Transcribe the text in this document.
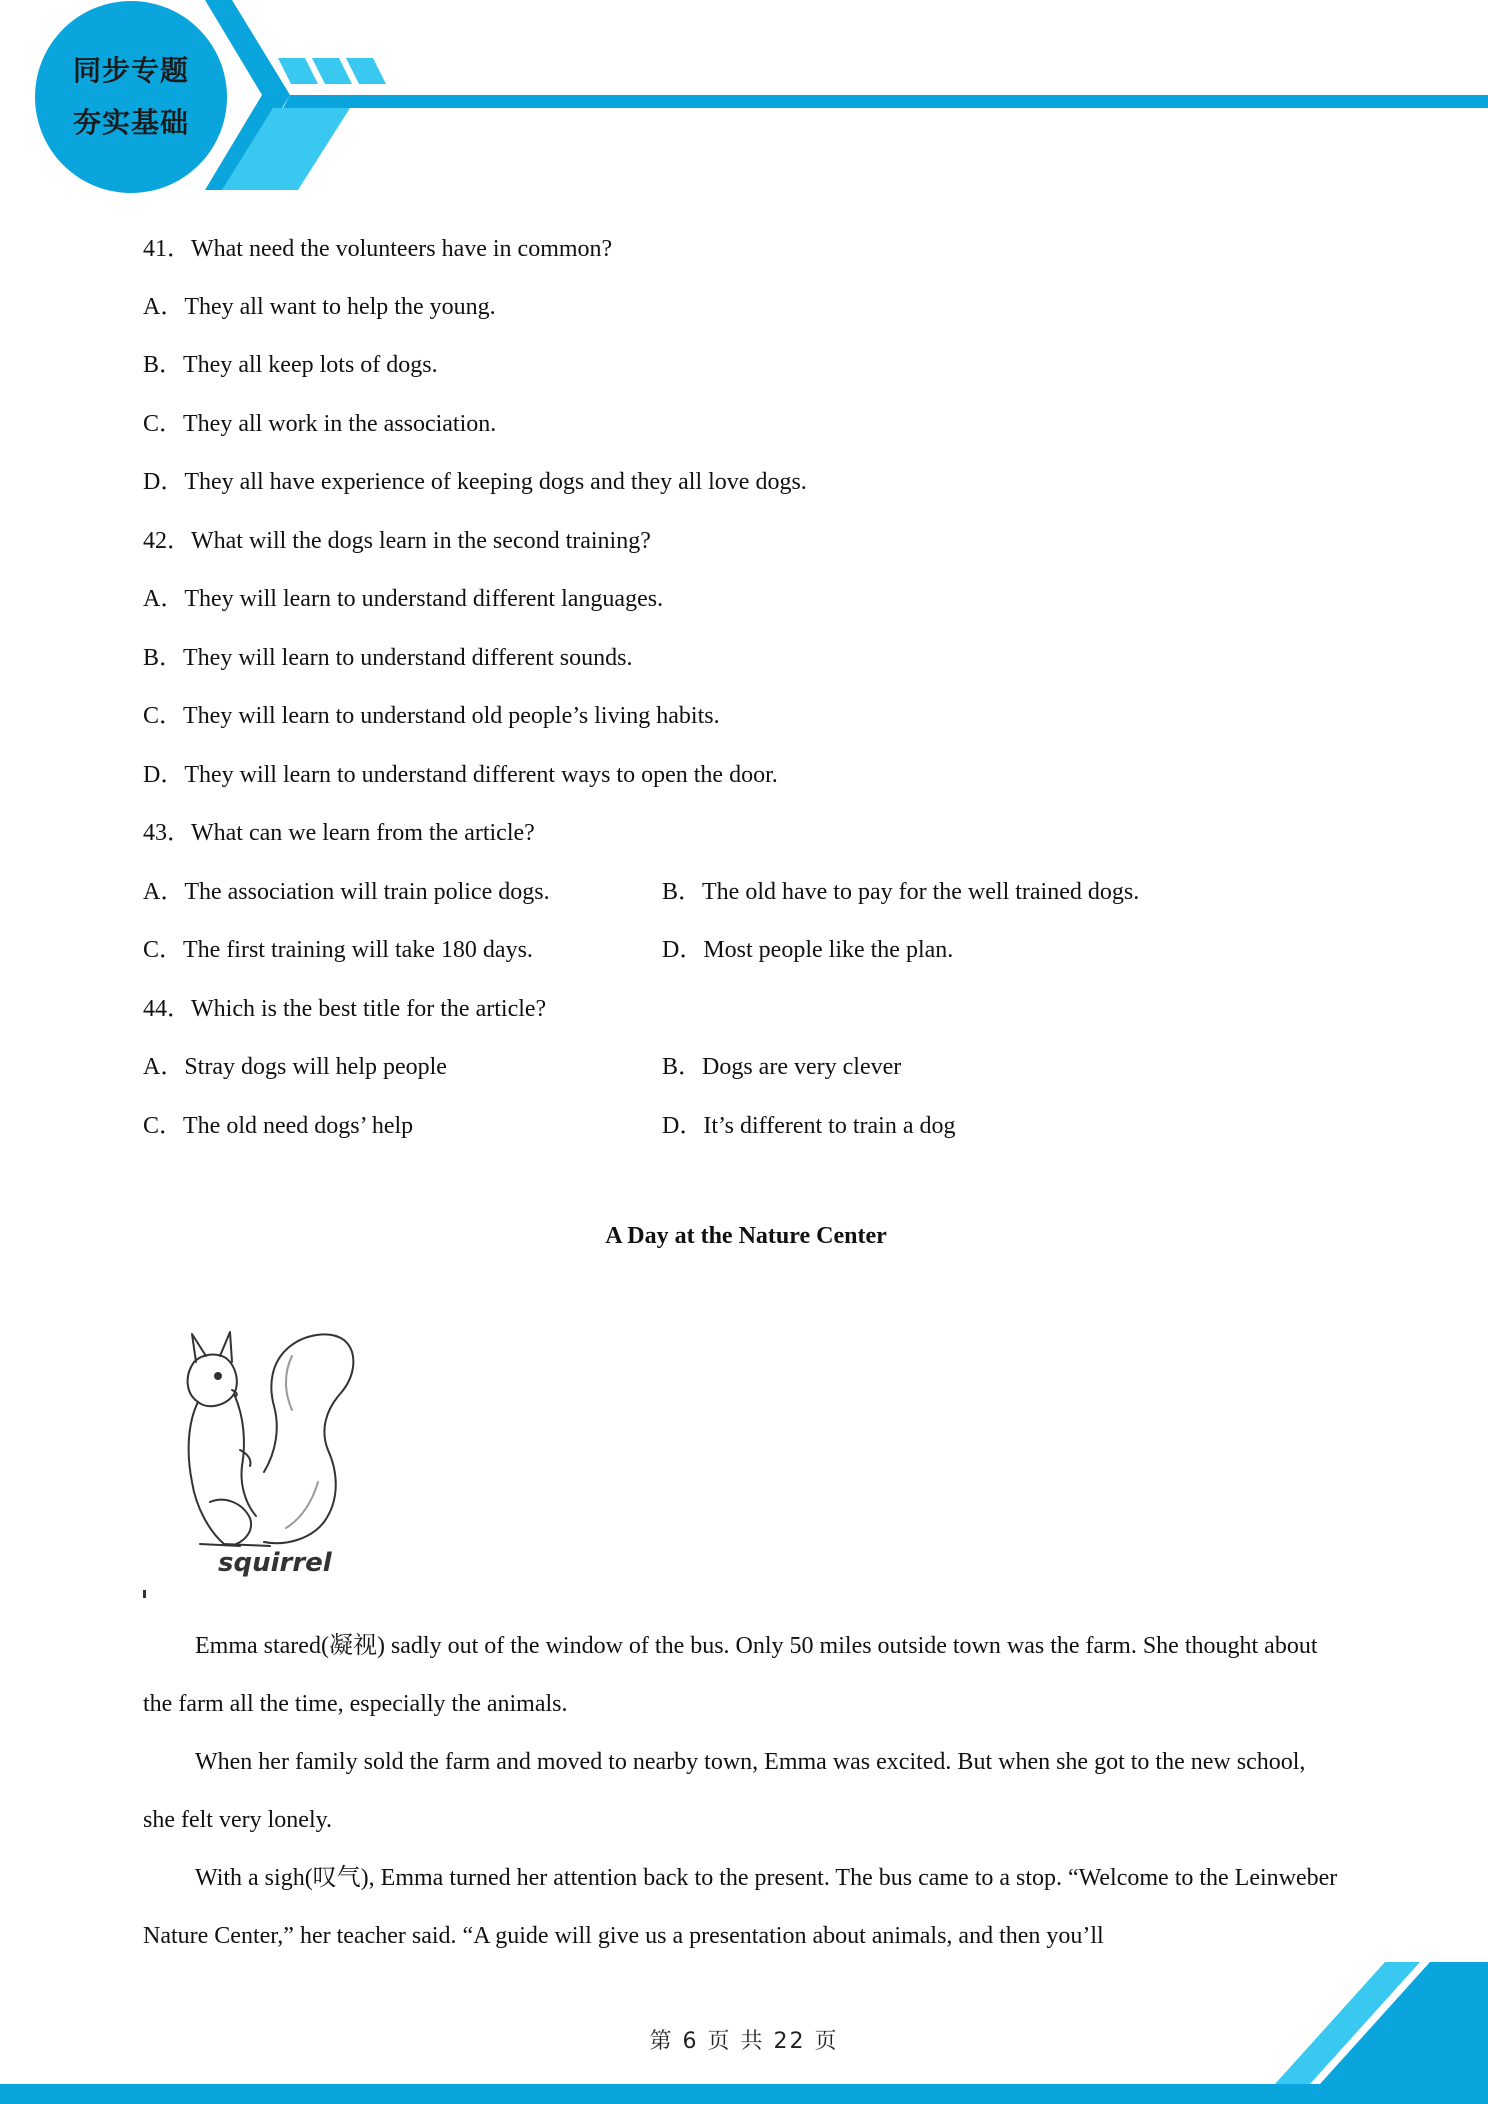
同步专题
夯实基础
41．What need the volunteers have in common?
A．They all want to help the young.
B．They all keep lots of dogs.
C．They all work in the association.
D．They all have experience of keeping dogs and they all love dogs.
42．What will the dogs learn in the second training?
A．They will learn to understand different languages.
B．They will learn to understand different sounds.
C．They will learn to understand old people’s living habits.
D．They will learn to understand different ways to open the door.
43．What can we learn from the article?
A．The association will train police dogs.	B．The old have to pay for the well trained dogs.
C．The first training will take 180 days.	D．Most people like the plan.
44．Which is the best title for the article?
A．Stray dogs will help people	B．Dogs are very clever
C．The old need dogs’ help	D．It’s different to train a dog
A Day at the Nature Center
squirrel

Emma stared(凝视) sadly out of the window of the bus. Only 50 miles outside town was the farm. She thought about the farm all the time, especially the animals.

When her family sold the farm and moved to nearby town, Emma was excited. But when she got to the new school, she felt very lonely.

With a sigh(叹气), Emma turned her attention back to the present. The bus came to a stop. “Welcome to the Leinweber Nature Center,” her teacher said. “A guide will give us a presentation about animals, and then you’ll

第 6 页 共 22 页
